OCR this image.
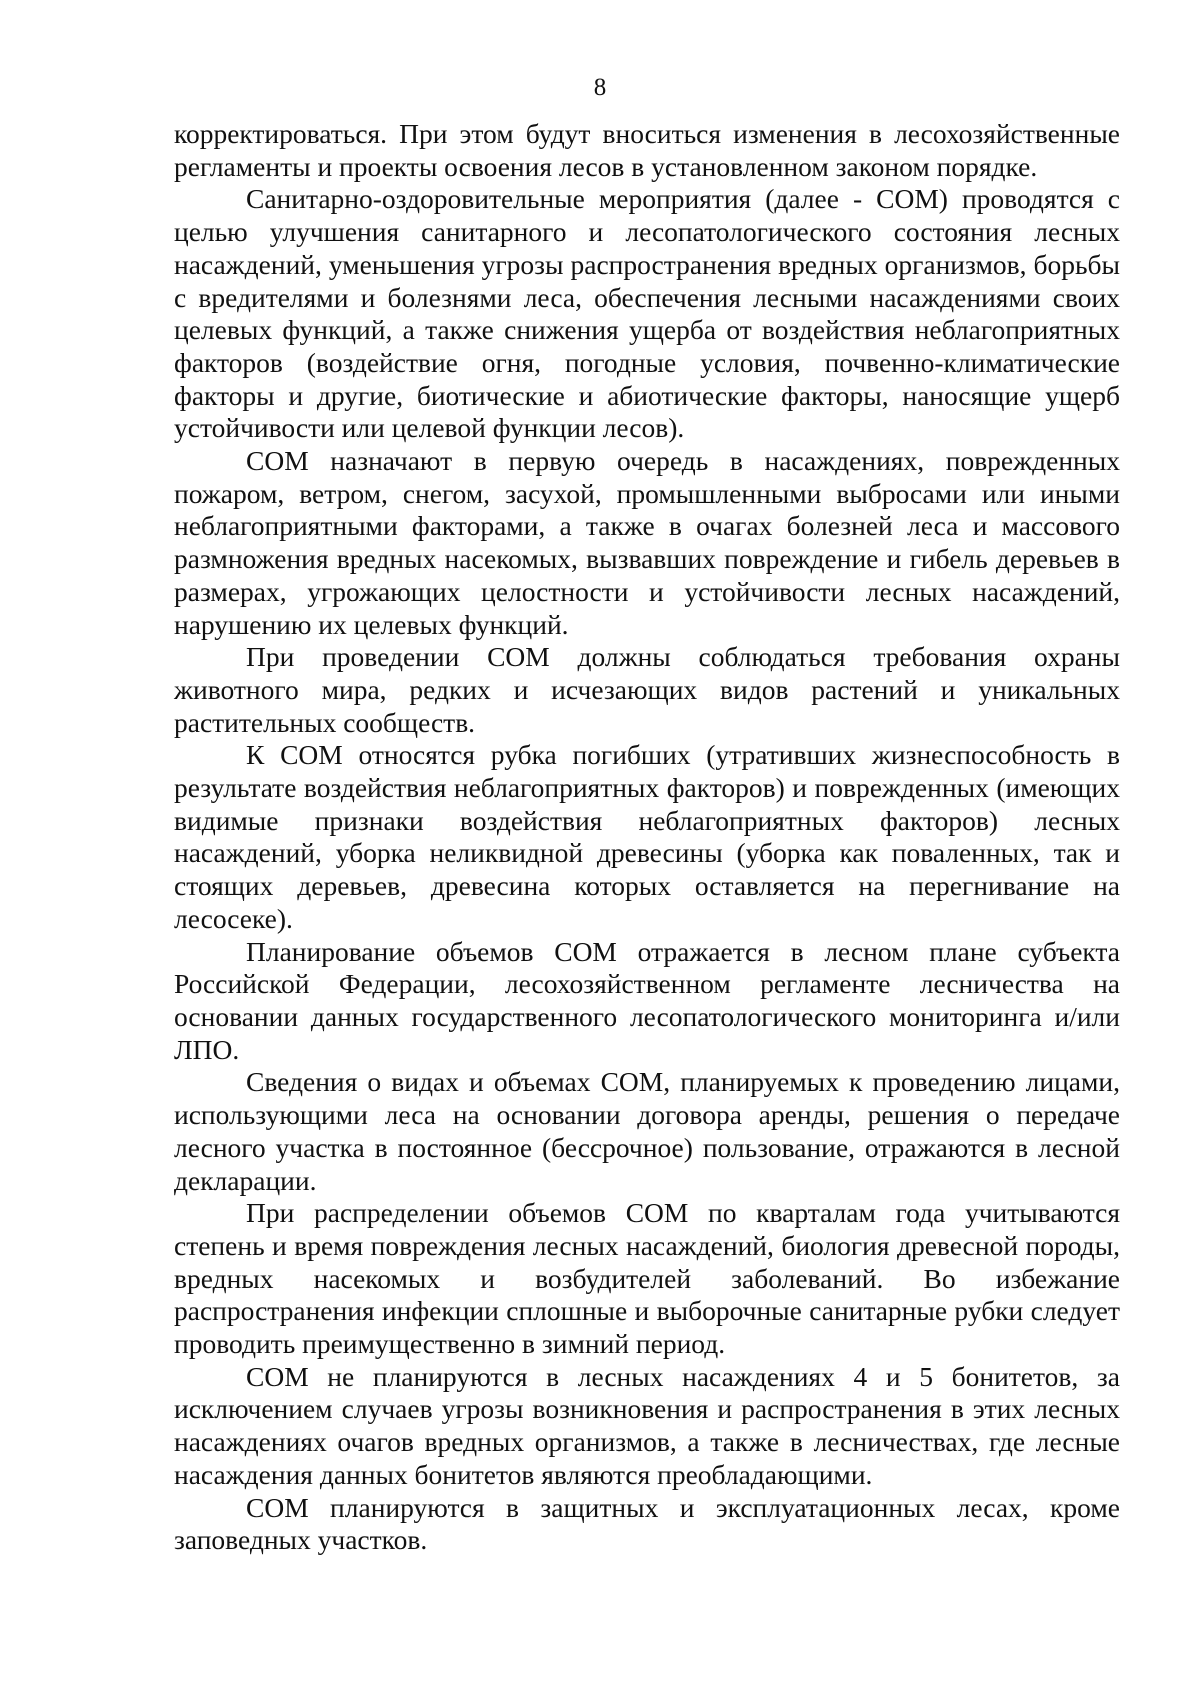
8

корректироваться. При этом будут вноситься изменения в лесохозяйственные регламенты и проекты освоения лесов в установленном законом порядке.

Санитарно-оздоровительные мероприятия (далее - СОМ) проводятся с целью улучшения санитарного и лесопатологического состояния лесных насаждений, уменьшения угрозы распространения вредных организмов, борьбы с вредителями и болезнями леса, обеспечения лесными насаждениями своих целевых функций, а также снижения ущерба от воздействия неблагоприятных факторов (воздействие огня, погодные условия, почвенно-климатические факторы и другие, биотические и абиотические факторы, наносящие ущерб устойчивости или целевой функции лесов).

СОМ назначают в первую очередь в насаждениях, поврежденных пожаром, ветром, снегом, засухой, промышленными выбросами или иными неблагоприятными факторами, а также в очагах болезней леса и массового размножения вредных насекомых, вызвавших повреждение и гибель деревьев в размерах, угрожающих целостности и устойчивости лесных насаждений, нарушению их целевых функций.

При проведении СОМ должны соблюдаться требования охраны животного мира, редких и исчезающих видов растений и уникальных растительных сообществ.

К СОМ относятся рубка погибших (утративших жизнеспособность в результате воздействия неблагоприятных факторов) и поврежденных (имеющих видимые признаки воздействия неблагоприятных факторов) лесных насаждений, уборка неликвидной древесины (уборка как поваленных, так и стоящих деревьев, древесина которых оставляется на перегнивание на лесосеке).

Планирование объемов СОМ отражается в лесном плане субъекта Российской Федерации, лесохозяйственном регламенте лесничества на основании данных государственного лесопатологического мониторинга и/или ЛПО.

Сведения о видах и объемах СОМ, планируемых к проведению лицами, использующими леса на основании договора аренды, решения о передаче лесного участка в постоянное (бессрочное) пользование, отражаются в лесной декларации.

При распределении объемов СОМ по кварталам года учитываются степень и время повреждения лесных насаждений, биология древесной породы, вредных насекомых и возбудителей заболеваний. Во избежание распространения инфекции сплошные и выборочные санитарные рубки следует проводить преимущественно в зимний период.

СОМ не планируются в лесных насаждениях 4 и 5 бонитетов, за исключением случаев угрозы возникновения и распространения в этих лесных насаждениях очагов вредных организмов, а также в лесничествах, где лесные насаждения данных бонитетов являются преобладающими.

СОМ планируются в защитных и эксплуатационных лесах, кроме заповедных участков.
